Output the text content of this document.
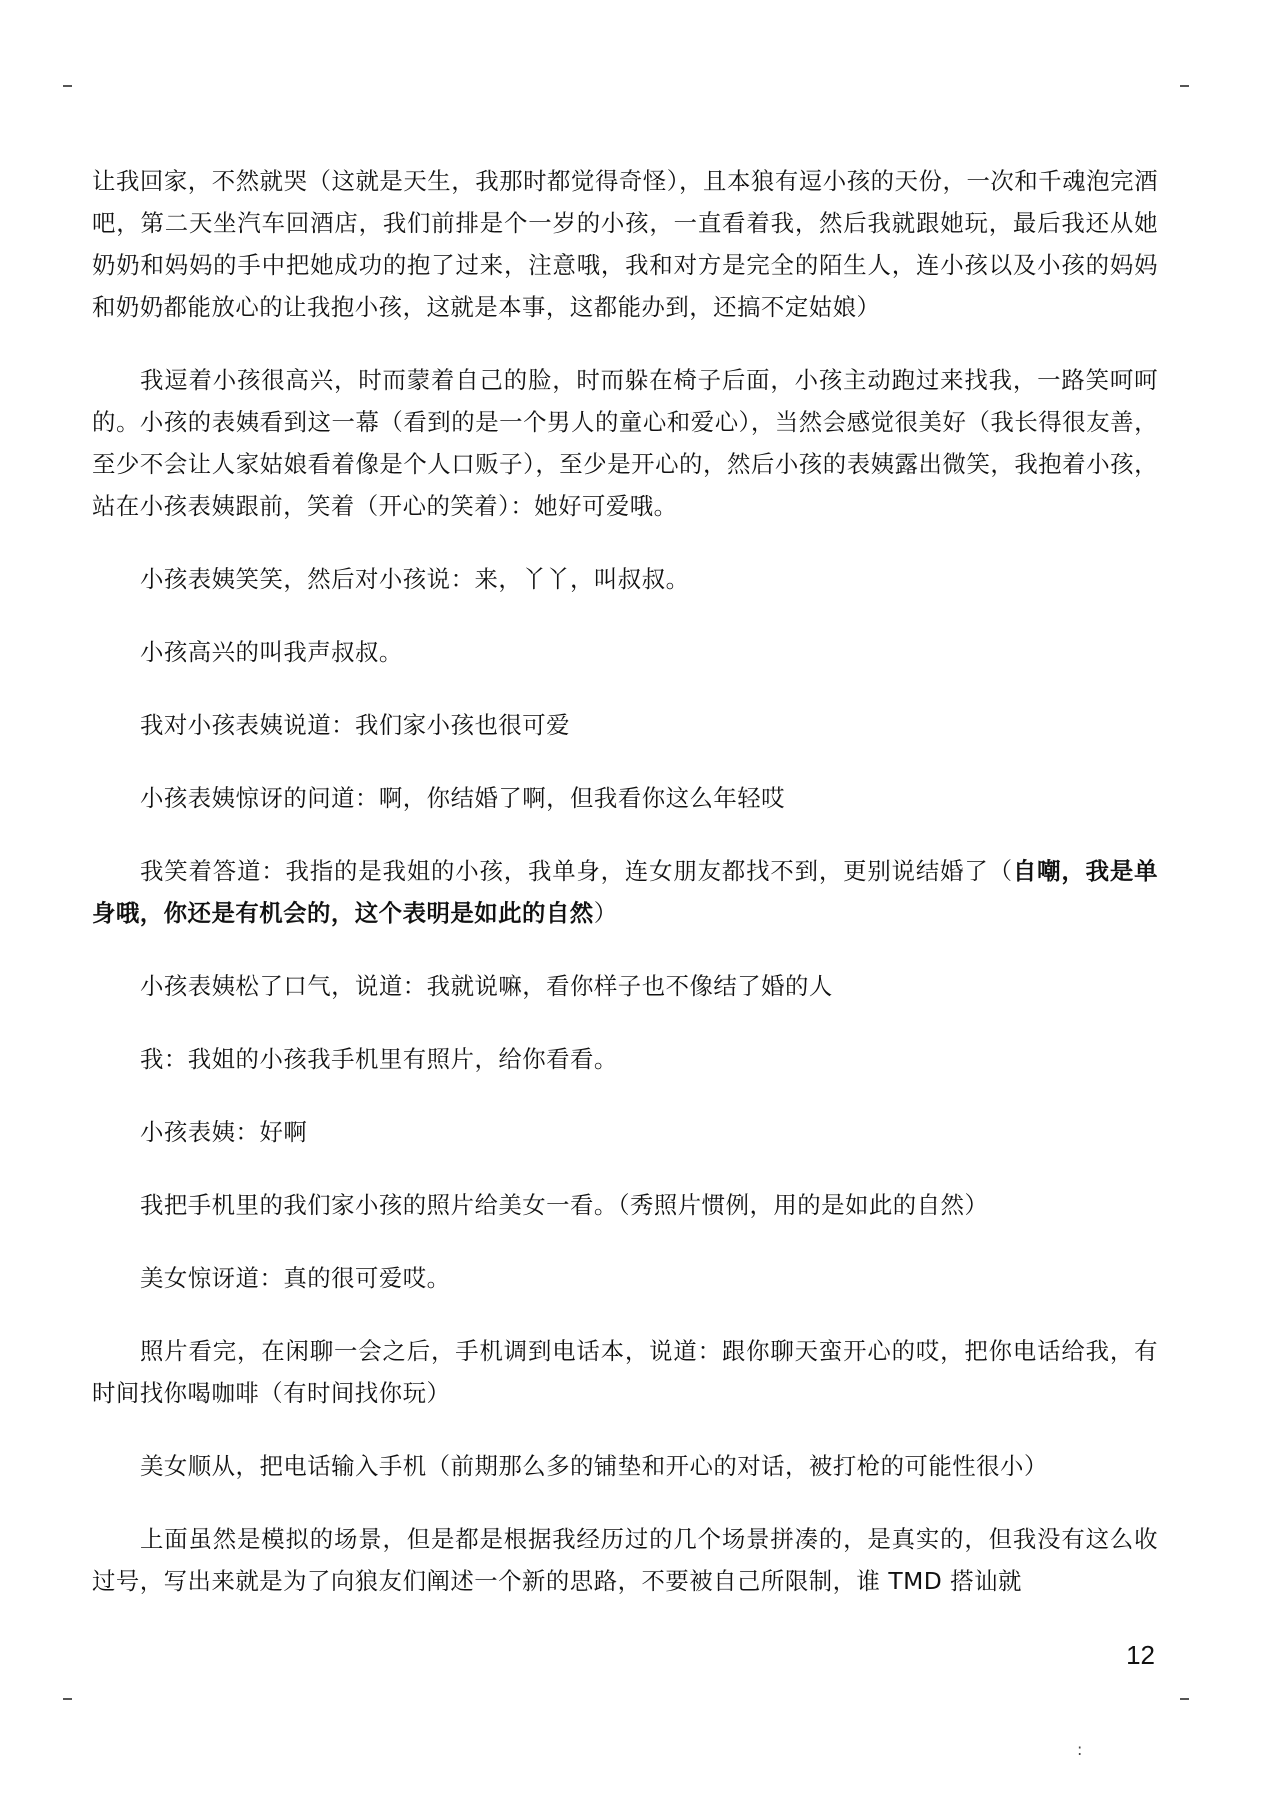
让我回家，不然就哭（这就是天生，我那时都觉得奇怪），且本狼有逗小孩的天份，一次和千魂泡完酒吧，第二天坐汽车回酒店，我们前排是个一岁的小孩，一直看着我，然后我就跟她玩，最后我还从她奶奶和妈妈的手中把她成功的抱了过来，注意哦，我和对方是完全的陌生人，连小孩以及小孩的妈妈和奶奶都能放心的让我抱小孩，这就是本事，这都能办到，还搞不定姑娘）

我逗着小孩很高兴，时而蒙着自己的脸，时而躲在椅子后面，小孩主动跑过来找我，一路笑呵呵的。小孩的表姨看到这一幕（看到的是一个男人的童心和爱心），当然会感觉很美好（我长得很友善，至少不会让人家姑娘看着像是个人口贩子），至少是开心的，然后小孩的表姨露出微笑，我抱着小孩，站在小孩表姨跟前，笑着（开心的笑着）：她好可爱哦。

小孩表姨笑笑，然后对小孩说：来，丫丫，叫叔叔。

小孩高兴的叫我声叔叔。

我对小孩表姨说道：我们家小孩也很可爱

小孩表姨惊讶的问道：啊，你结婚了啊，但我看你这么年轻哎

我笑着答道：我指的是我姐的小孩，我单身，连女朋友都找不到，更别说结婚了（自嘲，我是单身哦，你还是有机会的，这个表明是如此的自然）

小孩表姨松了口气，说道：我就说嘛，看你样子也不像结了婚的人

我：我姐的小孩我手机里有照片，给你看看。

小孩表姨：好啊

我把手机里的我们家小孩的照片给美女一看。（秀照片惯例，用的是如此的自然）

美女惊讶道：真的很可爱哎。

照片看完，在闲聊一会之后，手机调到电话本，说道：跟你聊天蛮开心的哎，把你电话给我，有时间找你喝咖啡（有时间找你玩）

美女顺从，把电话输入手机（前期那么多的铺垫和开心的对话，被打枪的可能性很小）

上面虽然是模拟的场景，但是都是根据我经历过的几个场景拼凑的，是真实的，但我没有这么收过号，写出来就是为了向狼友们阐述一个新的思路，不要被自己所限制，谁 TMD 搭讪就

12
:
